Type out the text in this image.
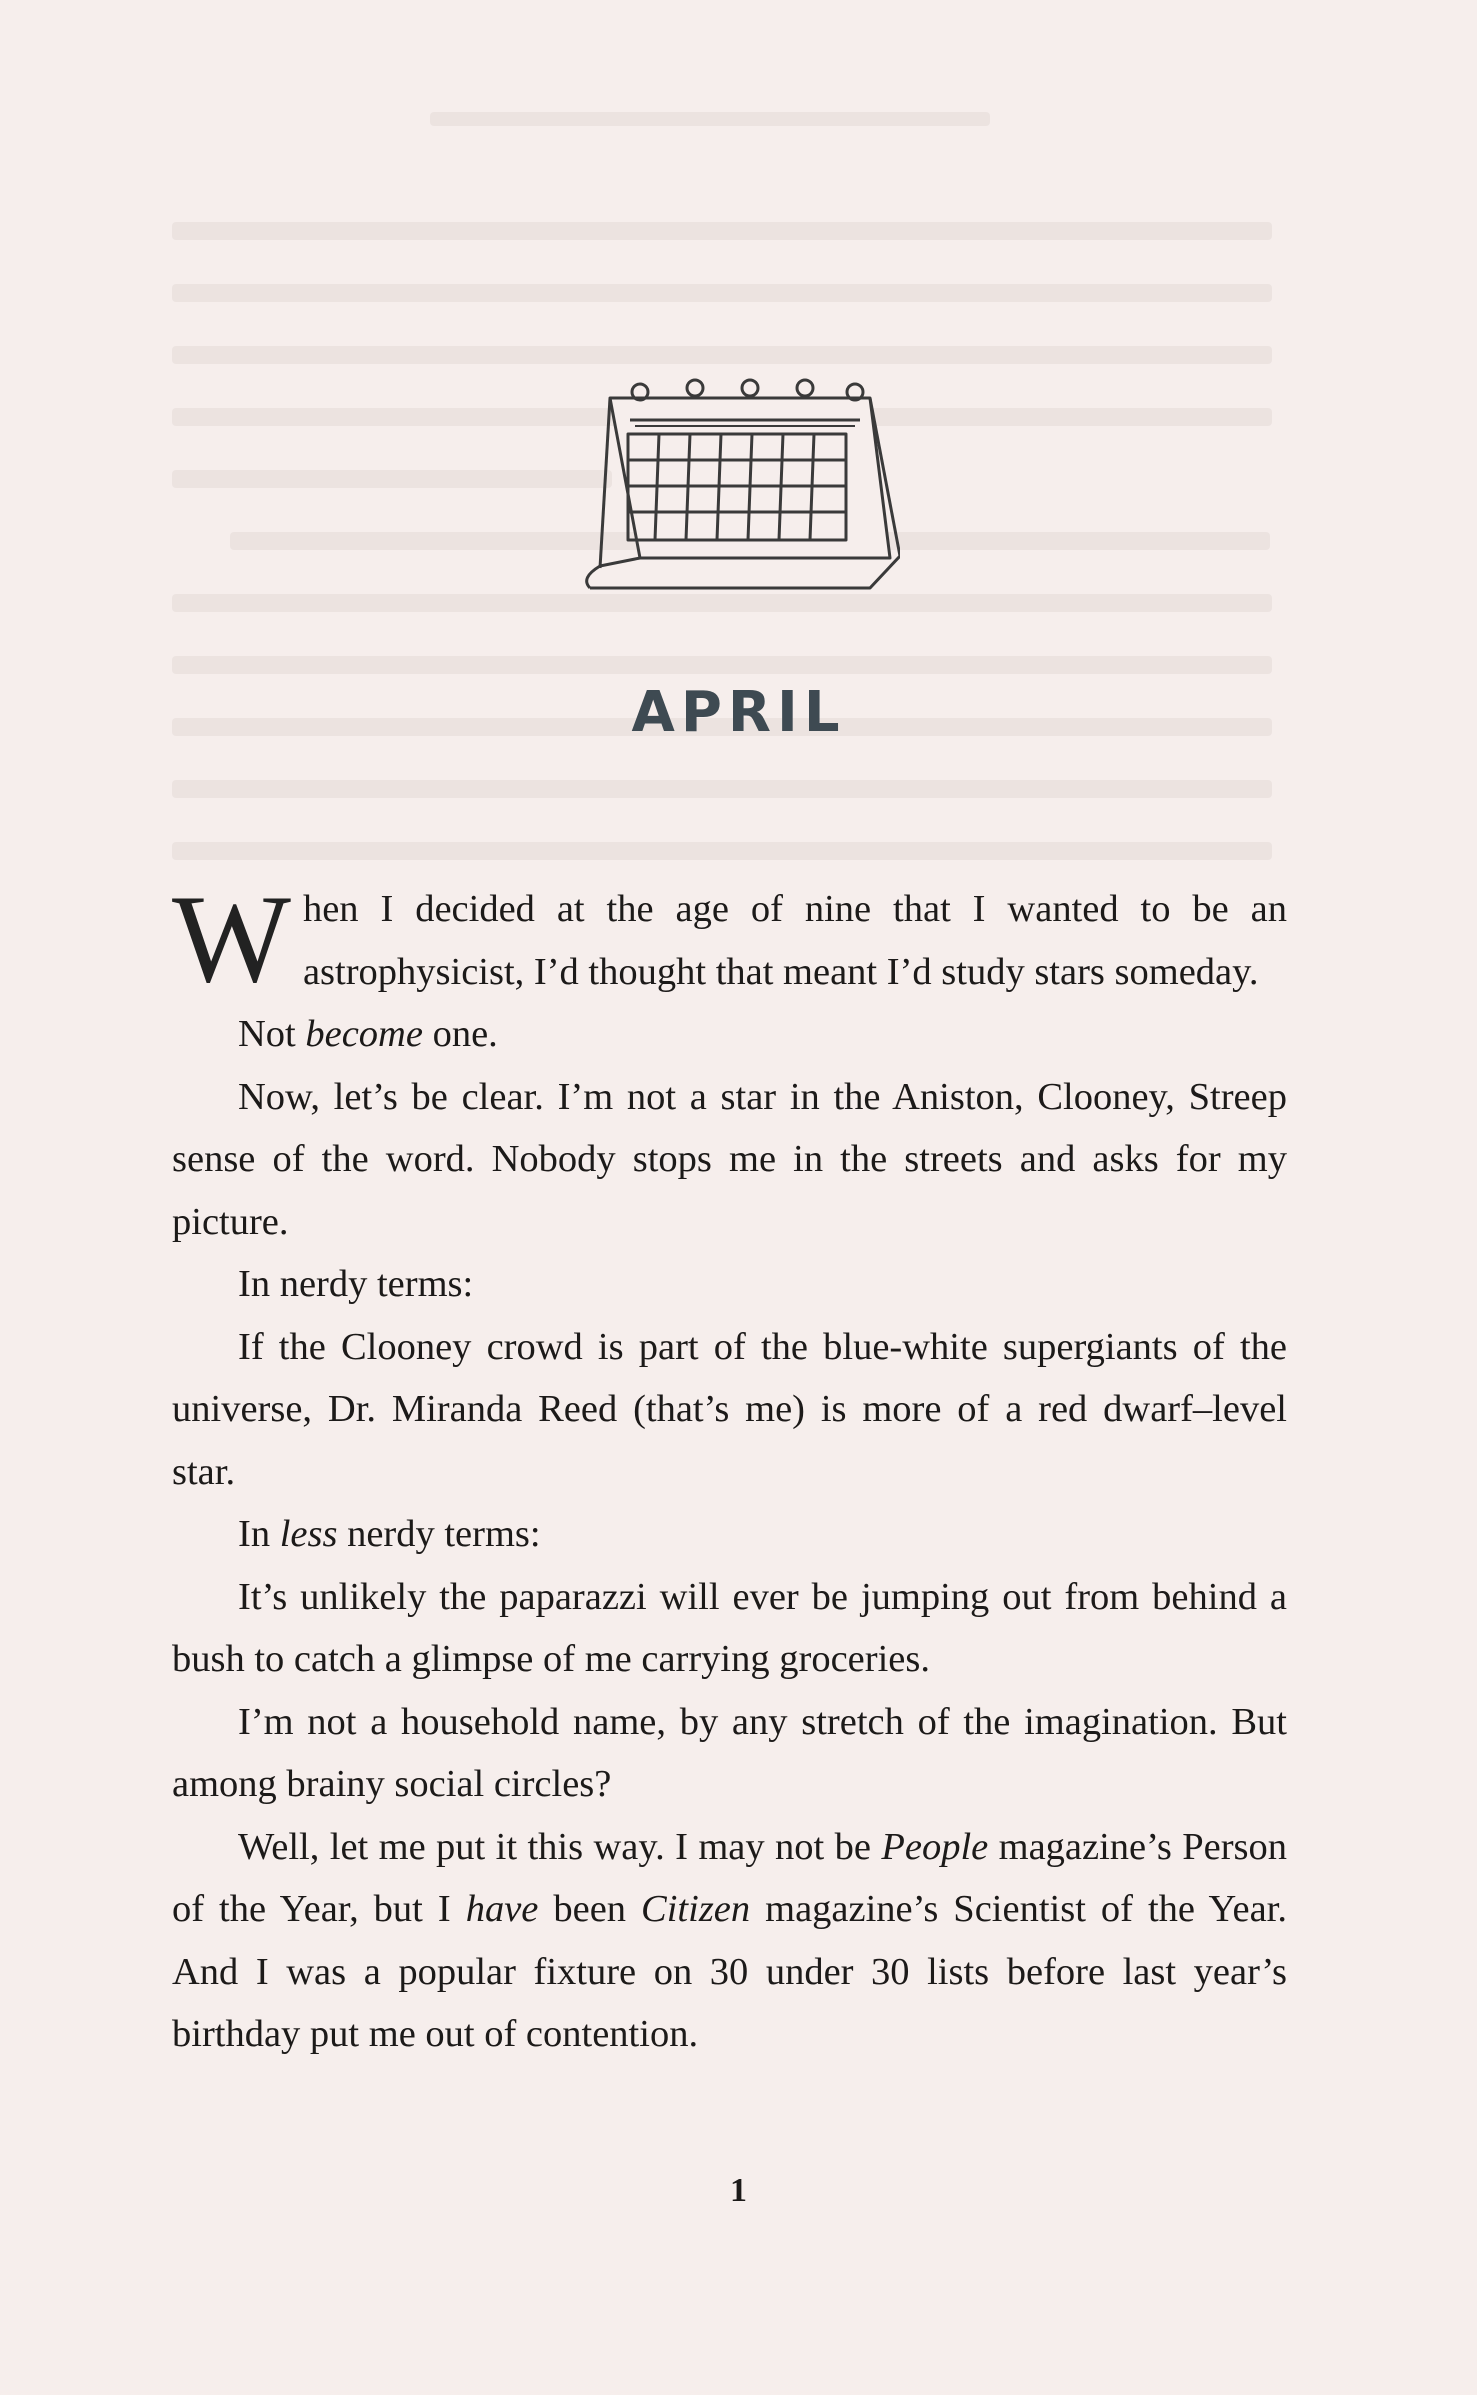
APRIL

When I decided at the age of nine that I wanted to be an astrophysicist, I’d thought that meant I’d study stars someday.

Not become one.

Now, let’s be clear. I’m not a star in the Aniston, Clooney, Streep sense of the word. Nobody stops me in the streets and asks for my picture.

In nerdy terms:

If the Clooney crowd is part of the blue-white supergiants of the universe, Dr. Miranda Reed (that’s me) is more of a red dwarf–level star.

In less nerdy terms:

It’s unlikely the paparazzi will ever be jumping out from behind a bush to catch a glimpse of me carrying groceries.

I’m not a household name, by any stretch of the imagination. But among brainy social circles?

Well, let me put it this way. I may not be People magazine’s Person of the Year, but I have been Citizen magazine’s Scientist of the Year. And I was a popular fixture on 30 under 30 lists before last year’s birthday put me out of contention.

1
